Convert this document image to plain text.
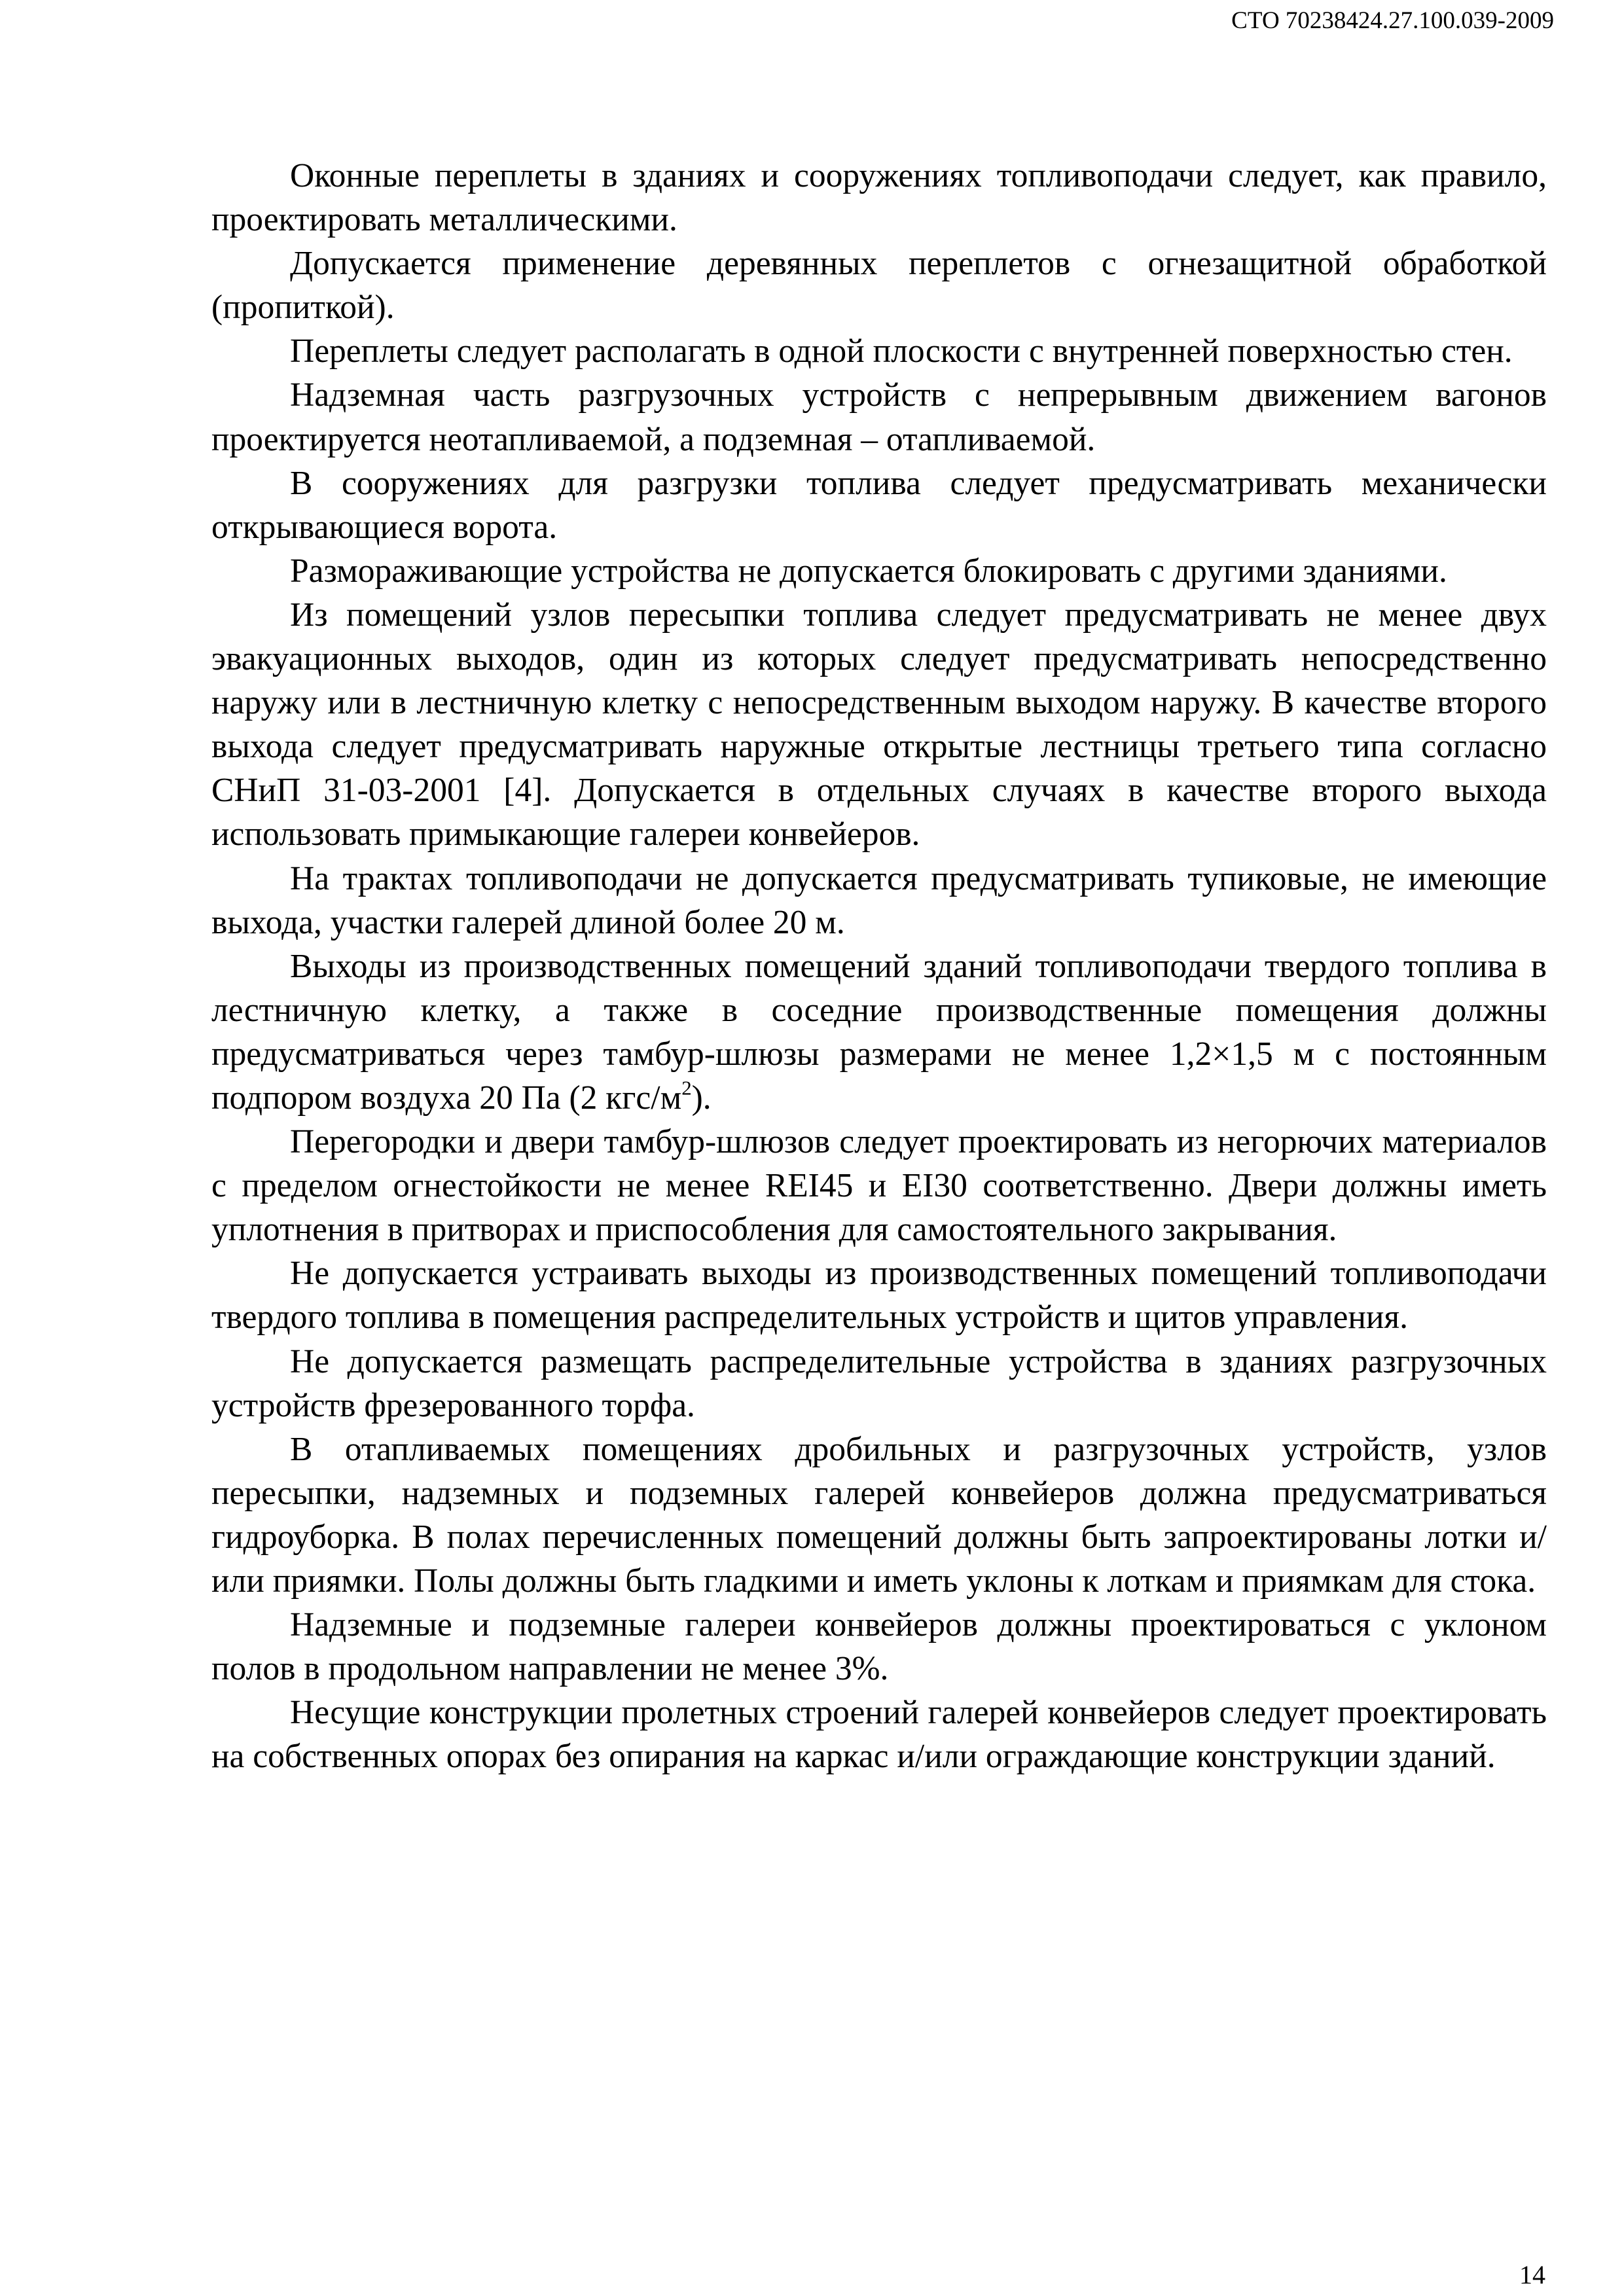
СТО 70238424.27.100.039-2009

Оконные переплеты в зданиях и сооружениях топливоподачи следует, как правило, проектировать металлическими.

Допускается применение деревянных переплетов с огнезащитной обработкой (пропиткой).

Переплеты следует располагать в одной плоскости с внутренней поверхностью стен.

Надземная часть разгрузочных устройств с непрерывным движением вагонов проектируется неотапливаемой, а подземная – отапливаемой.

В сооружениях для разгрузки топлива следует предусматривать механически открывающиеся ворота.

Размораживающие устройства не допускается блокировать с другими зданиями.

Из помещений узлов пересыпки топлива следует предусматривать не менее двух эвакуационных выходов, один из которых следует предусматривать непосредственно наружу или в лестничную клетку с непосредственным выходом наружу. В качестве второго выхода следует предусматривать наружные открытые лестницы третьего типа согласно СНиП 31-03-2001 [4]. Допускается в отдельных случаях в качестве второго выхода использовать примыкающие галереи конвейеров.

На трактах топливоподачи не допускается предусматривать тупиковые, не имеющие выхода, участки галерей длиной более 20 м.

Выходы из производственных помещений зданий топливоподачи твердого топлива в лестничную клетку, а также в соседние производственные помещения должны предусматриваться через тамбур-шлюзы размерами не менее 1,2×1,5 м с постоянным подпором воздуха 20 Па (2 кгс/$м^2$).

Перегородки и двери тамбур-шлюзов следует проектировать из негорючих материалов с пределом огнестойкости не менее REI45 и EI30 соответственно. Двери должны иметь уплотнения в притворах и приспособления для самостоятельного закрывания.

Не допускается устраивать выходы из производственных помещений топливоподачи твердого топлива в помещения распределительных устройств и щитов управления.

Не допускается размещать распределительные устройства в зданиях разгрузочных устройств фрезерованного торфа.

В отапливаемых помещениях дробильных и разгрузочных устройств, узлов пересыпки, надземных и подземных галерей конвейеров должна предусматриваться гидроуборка. В полах перечисленных помещений должны быть запроектированы лотки и/или приямки. Полы должны быть гладкими и иметь уклоны к лоткам и приямкам для стока.

Надземные и подземные галереи конвейеров должны проектироваться с уклоном полов в продольном направлении не менее 3%.

Несущие конструкции пролетных строений галерей конвейеров следует проектировать на собственных опорах без опирания на каркас и/или ограждающие конструкции зданий.

14
